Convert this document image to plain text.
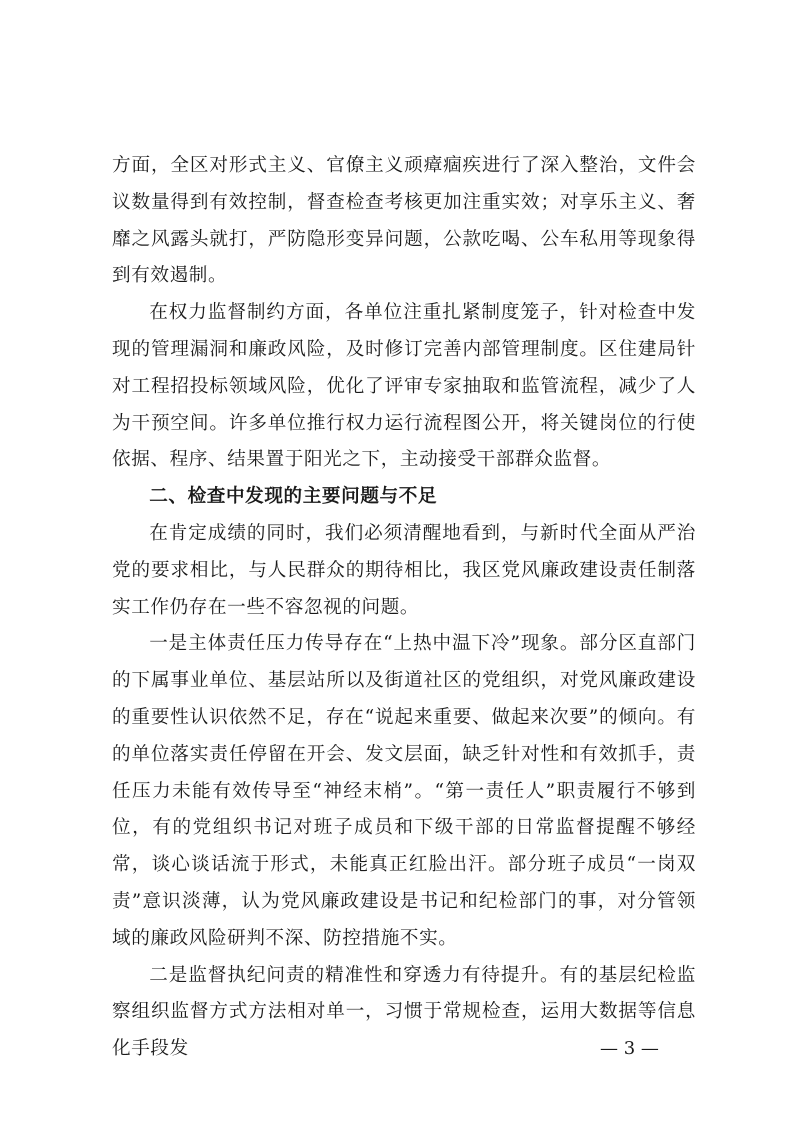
方面，全区对形式主义、官僚主义顽瘴痼疾进行了深入整治，文件会议数量得到有效控制，督查检查考核更加注重实效；对享乐主义、奢靡之风露头就打，严防隐形变异问题，公款吃喝、公车私用等现象得到有效遏制。

在权力监督制约方面，各单位注重扎紧制度笼子，针对检查中发现的管理漏洞和廉政风险，及时修订完善内部管理制度。区住建局针对工程招投标领域风险，优化了评审专家抽取和监管流程，减少了人为干预空间。许多单位推行权力运行流程图公开，将关键岗位的行使依据、程序、结果置于阳光之下，主动接受干部群众监督。

二、检查中发现的主要问题与不足

在肯定成绩的同时，我们必须清醒地看到，与新时代全面从严治党的要求相比，与人民群众的期待相比，我区党风廉政建设责任制落实工作仍存在一些不容忽视的问题。

一是主体责任压力传导存在“上热中温下冷”现象。部分区直部门的下属事业单位、基层站所以及街道社区的党组织，对党风廉政建设的重要性认识依然不足，存在“说起来重要、做起来次要”的倾向。有的单位落实责任停留在开会、发文层面，缺乏针对性和有效抓手，责任压力未能有效传导至“神经末梢”。“第一责任人”职责履行不够到位，有的党组织书记对班子成员和下级干部的日常监督提醒不够经常，谈心谈话流于形式，未能真正红脸出汗。部分班子成员“一岗双责”意识淡薄，认为党风廉政建设是书记和纪检部门的事，对分管领域的廉政风险研判不深、防控措施不实。

二是监督执纪问责的精准性和穿透力有待提升。有的基层纪检监察组织监督方式方法相对单一，习惯于常规检查，运用大数据等信息化手段发	— 3 —
